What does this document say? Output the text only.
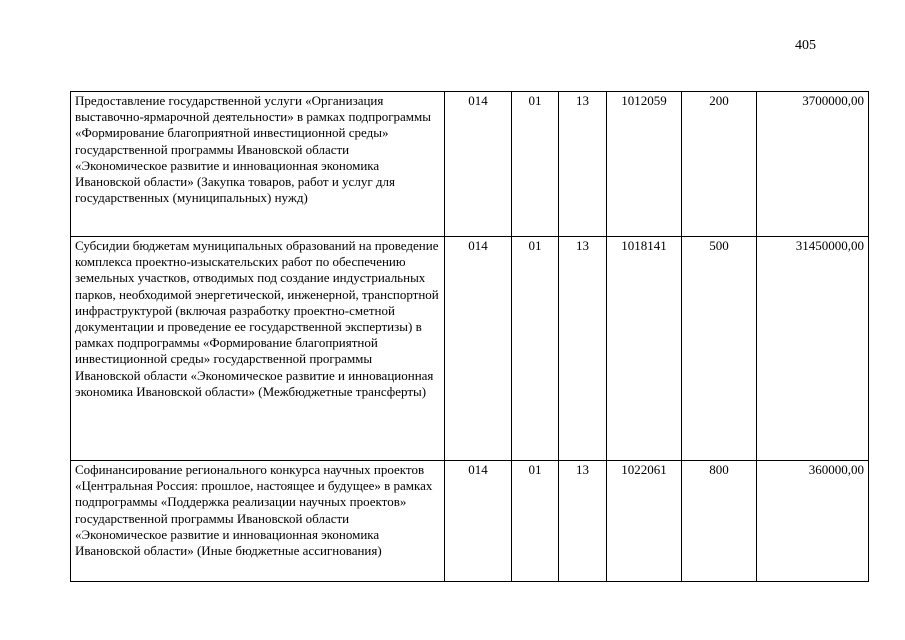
405
Предоставление государственной услуги «Организация выставочно-ярмарочной деятельности» в рамках подпрограммы «Формирование благоприятной инвестиционной среды» государственной программы Ивановской области «Экономическое развитие и инновационная экономика Ивановской области» (Закупка товаров, работ и услуг для государственных (муниципальных) нужд)	014	01	13	1012059	200	3700000,00
Субсидии бюджетам муниципальных образований на проведение комплекса проектно-изыскательских работ по обеспечению земельных участков, отводимых под создание индустриальных парков, необходимой энергетической, инженерной, транспортной инфраструктурой (включая разработку проектно-сметной документации и проведение ее государственной экспертизы) в рамках подпрограммы «Формирование благоприятной инвестиционной среды» государственной программы Ивановской области «Экономическое развитие и инновационная экономика Ивановской области» (Межбюджетные трансферты)	014	01	13	1018141	500	31450000,00
Софинансирование регионального конкурса научных проектов «Центральная Россия: прошлое, настоящее и будущее» в рамках подпрограммы «Поддержка реализации научных проектов» государственной программы Ивановской области «Экономическое развитие и инновационная экономика Ивановской области» (Иные бюджетные ассигнования)	014	01	13	1022061	800	360000,00
